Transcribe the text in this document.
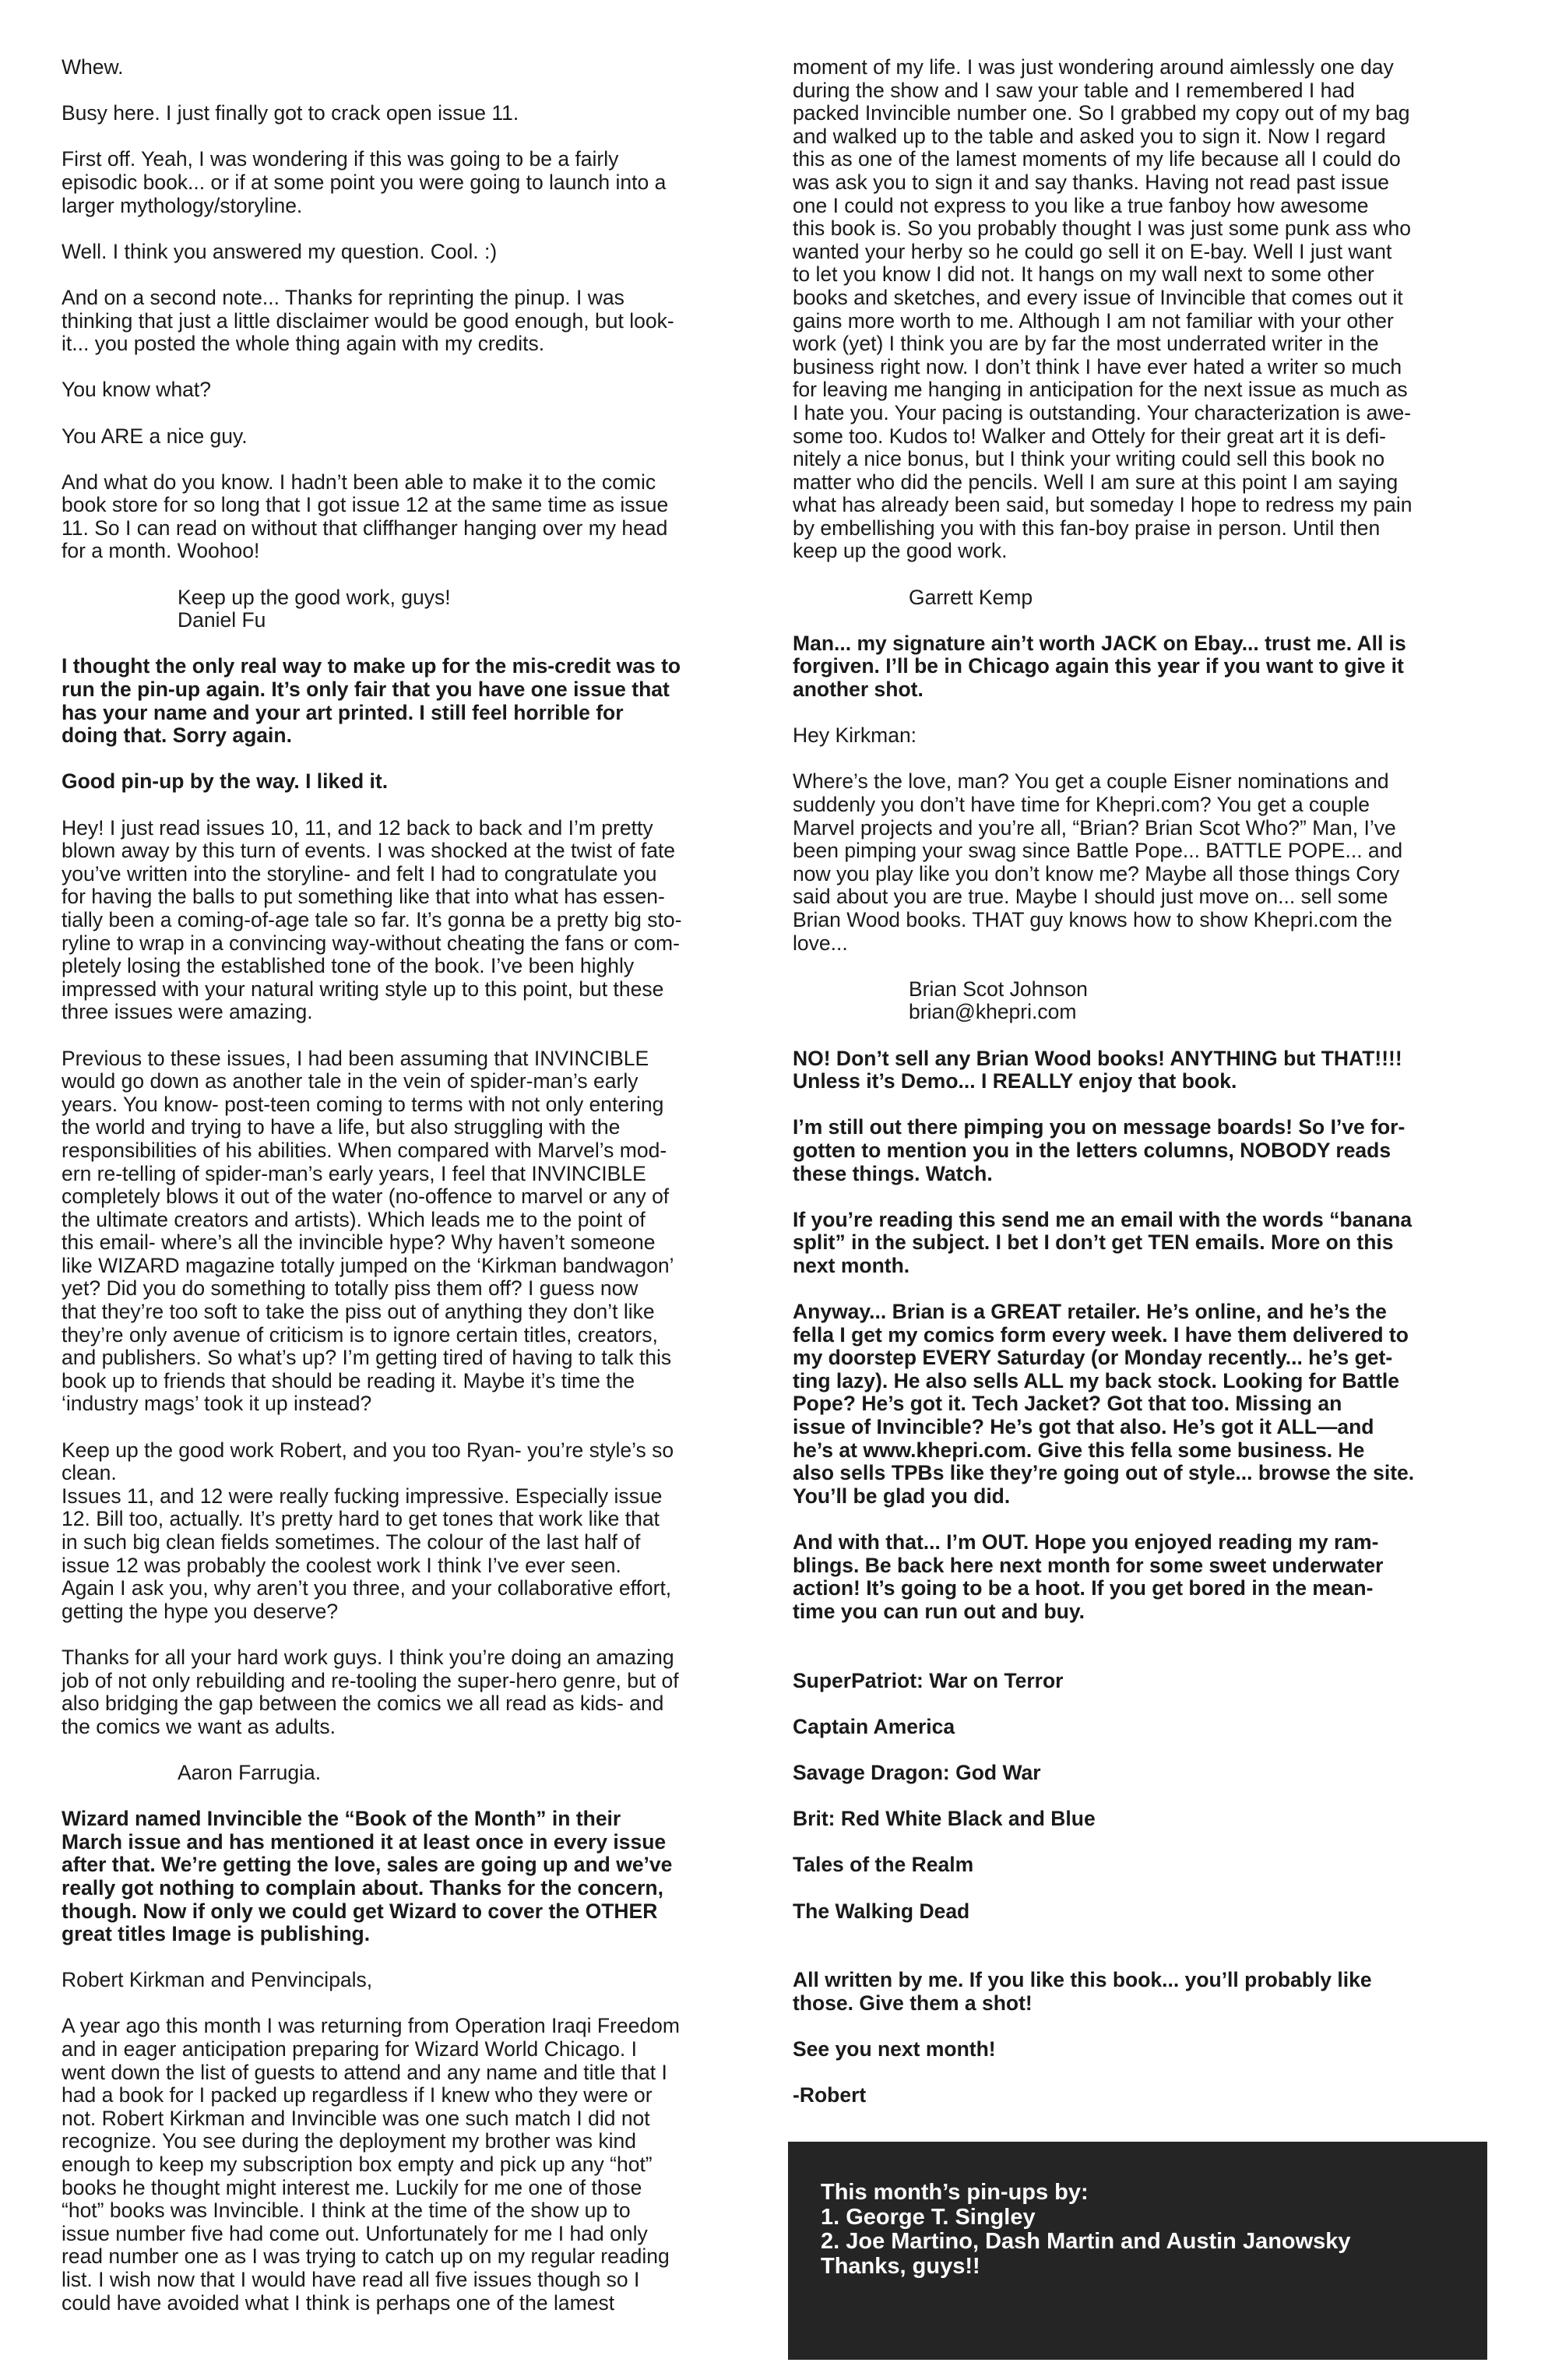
Whew.

Busy here. I just finally got to crack open issue 11.

First off. Yeah, I was wondering if this was going to be a fairly
episodic book... or if at some point you were going to launch into a
larger mythology/storyline.

Well. I think you answered my question. Cool. :)

And on a second note... Thanks for reprinting the pinup. I was
thinking that just a little disclaimer would be good enough, but look-
it... you posted the whole thing again with my credits.

You know what?

You ARE a nice guy.

And what do you know. I hadn’t been able to make it to the comic
book store for so long that I got issue 12 at the same time as issue
11. So I can read on without that cliffhanger hanging over my head
for a month. Woohoo!

Keep up the good work, guys!
Daniel Fu

I thought the only real way to make up for the mis-credit was to
run the pin-up again. It’s only fair that you have one issue that
has your name and your art printed. I still feel horrible for
doing that. Sorry again.

Good pin-up by the way. I liked it.

Hey! I just read issues 10, 11, and 12 back to back and I’m pretty
blown away by this turn of events. I was shocked at the twist of fate
you’ve written into the storyline- and felt I had to congratulate you
for having the balls to put something like that into what has essen-
tially been a coming-of-age tale so far. It’s gonna be a pretty big sto-
ryline to wrap in a convincing way-without cheating the fans or com-
pletely losing the established tone of the book. I’ve been highly
impressed with your natural writing style up to this point, but these
three issues were amazing.

Previous to these issues, I had been assuming that INVINCIBLE
would go down as another tale in the vein of spider-man’s early
years. You know- post-teen coming to terms with not only entering
the world and trying to have a life, but also struggling with the
responsibilities of his abilities. When compared with Marvel’s mod-
ern re-telling of spider-man’s early years, I feel that INVINCIBLE
completely blows it out of the water (no-offence to marvel or any of
the ultimate creators and artists). Which leads me to the point of
this email- where’s all the invincible hype? Why haven’t someone
like WIZARD magazine totally jumped on the ‘Kirkman bandwagon’
yet? Did you do something to totally piss them off? I guess now
that they’re too soft to take the piss out of anything they don’t like
they’re only avenue of criticism is to ignore certain titles, creators,
and publishers. So what’s up? I’m getting tired of having to talk this
book up to friends that should be reading it. Maybe it’s time the
‘industry mags’ took it up instead?

Keep up the good work Robert, and you too Ryan- you’re style’s so
clean.
Issues 11, and 12 were really fucking impressive. Especially issue
12. Bill too, actually. It’s pretty hard to get tones that work like that
in such big clean fields sometimes. The colour of the last half of
issue 12 was probably the coolest work I think I’ve ever seen.
Again I ask you, why aren’t you three, and your collaborative effort,
getting the hype you deserve?

Thanks for all your hard work guys. I think you’re doing an amazing
job of not only rebuilding and re-tooling the super-hero genre, but of
also bridging the gap between the comics we all read as kids- and
the comics we want as adults.

Aaron Farrugia.

Wizard named Invincible the “Book of the Month” in their
March issue and has mentioned it at least once in every issue
after that. We’re getting the love, sales are going up and we’ve
really got nothing to complain about. Thanks for the concern,
though. Now if only we could get Wizard to cover the OTHER
great titles Image is publishing.

Robert Kirkman and Penvincipals,

A year ago this month I was returning from Operation Iraqi Freedom
and in eager anticipation preparing for Wizard World Chicago. I
went down the list of guests to attend and any name and title that I
had a book for I packed up regardless if I knew who they were or
not. Robert Kirkman and Invincible was one such match I did not
recognize. You see during the deployment my brother was kind
enough to keep my subscription box empty and pick up any “hot”
books he thought might interest me. Luckily for me one of those
“hot” books was Invincible. I think at the time of the show up to
issue number five had come out. Unfortunately for me I had only
read number one as I was trying to catch up on my regular reading
list. I wish now that I would have read all five issues though so I
could have avoided what I think is perhaps one of the lamest

moment of my life. I was just wondering around aimlessly one day
during the show and I saw your table and I remembered I had
packed Invincible number one. So I grabbed my copy out of my bag
and walked up to the table and asked you to sign it. Now I regard
this as one of the lamest moments of my life because all I could do
was ask you to sign it and say thanks. Having not read past issue
one I could not express to you like a true fanboy how awesome
this book is. So you probably thought I was just some punk ass who
wanted your herby so he could go sell it on E-bay. Well I just want
to let you know I did not. It hangs on my wall next to some other
books and sketches, and every issue of Invincible that comes out it
gains more worth to me. Although I am not familiar with your other
work (yet) I think you are by far the most underrated writer in the
business right now. I don’t think I have ever hated a writer so much
for leaving me hanging in anticipation for the next issue as much as
I hate you. Your pacing is outstanding. Your characterization is awe-
some too. Kudos to! Walker and Ottely for their great art it is defi-
nitely a nice bonus, but I think your writing could sell this book no
matter who did the pencils. Well I am sure at this point I am saying
what has already been said, but someday I hope to redress my pain
by embellishing you with this fan-boy praise in person. Until then
keep up the good work.

Garrett Kemp

Man... my signature ain’t worth JACK on Ebay... trust me. All is
forgiven. I’ll be in Chicago again this year if you want to give it
another shot.

Hey Kirkman:

Where’s the love, man? You get a couple Eisner nominations and
suddenly you don’t have time for Khepri.com? You get a couple
Marvel projects and you’re all, “Brian? Brian Scot Who?” Man, I’ve
been pimping your swag since Battle Pope... BATTLE POPE... and
now you play like you don’t know me? Maybe all those things Cory
said about you are true. Maybe I should just move on... sell some
Brian Wood books. THAT guy knows how to show Khepri.com the
love...

Brian Scot Johnson
brian@khepri.com

NO! Don’t sell any Brian Wood books! ANYTHING but THAT!!!!
Unless it’s Demo... I REALLY enjoy that book.

I’m still out there pimping you on message boards! So I’ve for-
gotten to mention you in the letters columns, NOBODY reads
these things. Watch.

If you’re reading this send me an email with the words “banana
split” in the subject. I bet I don’t get TEN emails. More on this
next month.

Anyway... Brian is a GREAT retailer. He’s online, and he’s the
fella I get my comics form every week. I have them delivered to
my doorstep EVERY Saturday (or Monday recently... he’s get-
ting lazy). He also sells ALL my back stock. Looking for Battle
Pope? He’s got it. Tech Jacket? Got that too. Missing an
issue of Invincible? He’s got that also. He’s got it ALL—and
he’s at www.khepri.com. Give this fella some business. He
also sells TPBs like they’re going out of style... browse the site.
You’ll be glad you did.

And with that... I’m OUT. Hope you enjoyed reading my ram-
blings. Be back here next month for some sweet underwater
action! It’s going to be a hoot. If you get bored in the mean-
time you can run out and buy.

SuperPatriot: War on Terror

Captain America

Savage Dragon: God War

Brit: Red White Black and Blue

Tales of the Realm

The Walking Dead

All written by me. If you like this book... you’ll probably like
those. Give them a shot!

See you next month!

-Robert

This month’s pin-ups by:
1. George T. Singley
2. Joe Martino, Dash Martin and Austin Janowsky
Thanks, guys!!
